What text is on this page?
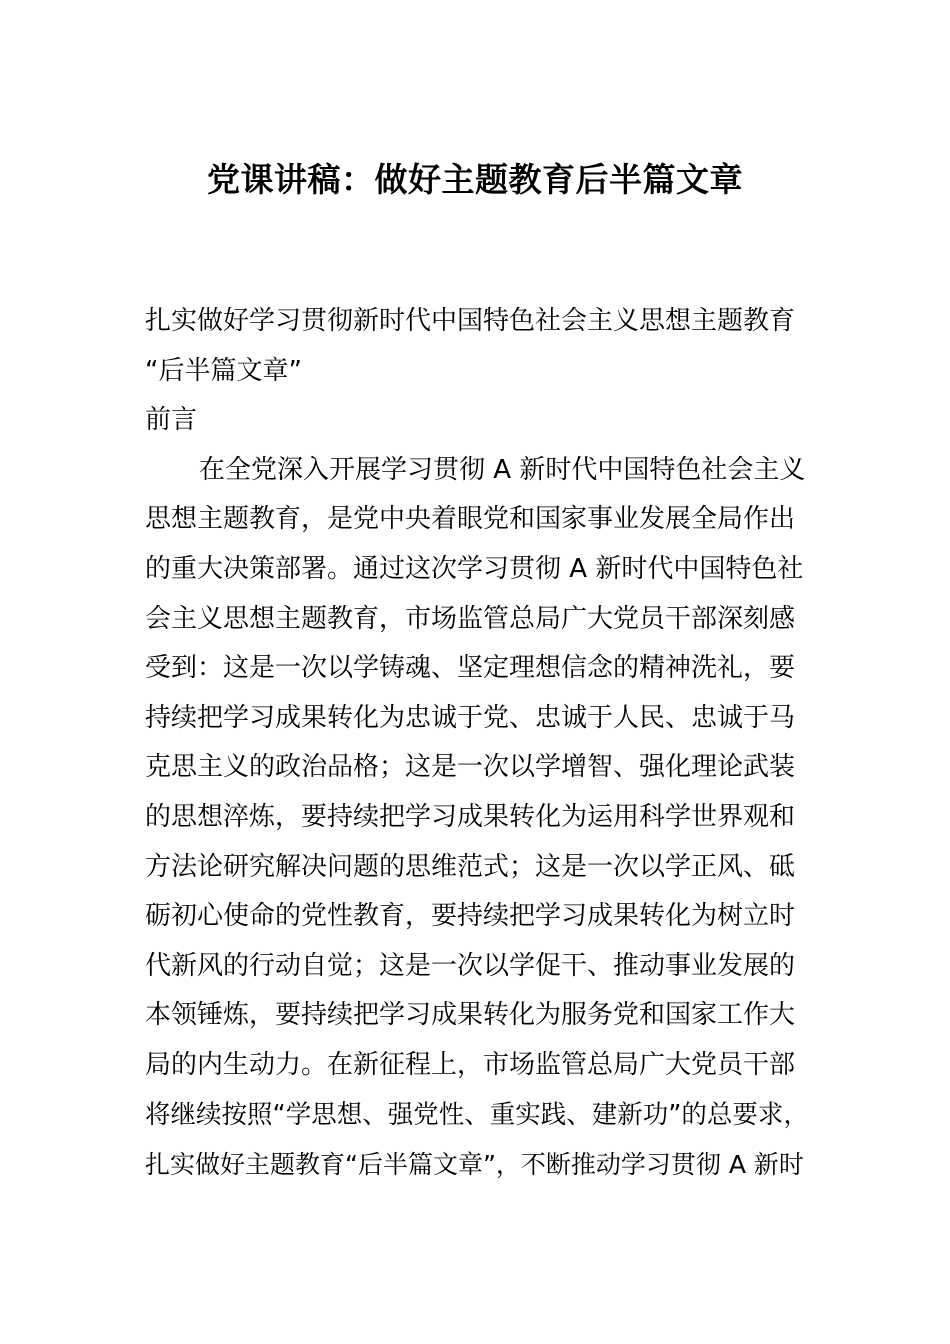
党课讲稿：做好主题教育后半篇文章
扎实做好学习贯彻新时代中国特色社会主义思想主题教育
“后半篇文章”
前言
在全党深入开展学习贯彻 A 新时代中国特色社会主义
思想主题教育，是党中央着眼党和国家事业发展全局作出
的重大决策部署。通过这次学习贯彻 A 新时代中国特色社
会主义思想主题教育，市场监管总局广大党员干部深刻感
受到：这是一次以学铸魂、坚定理想信念的精神洗礼，要
持续把学习成果转化为忠诚于党、忠诚于人民、忠诚于马
克思主义的政治品格；这是一次以学增智、强化理论武装
的思想淬炼，要持续把学习成果转化为运用科学世界观和
方法论研究解决问题的思维范式；这是一次以学正风、砥
砺初心使命的党性教育，要持续把学习成果转化为树立时
代新风的行动自觉；这是一次以学促干、推动事业发展的
本领锤炼，要持续把学习成果转化为服务党和国家工作大
局的内生动力。在新征程上，市场监管总局广大党员干部
将继续按照“学思想、强党性、重实践、建新功”的总要求，
扎实做好主题教育“后半篇文章”，不断推动学习贯彻 A 新时
